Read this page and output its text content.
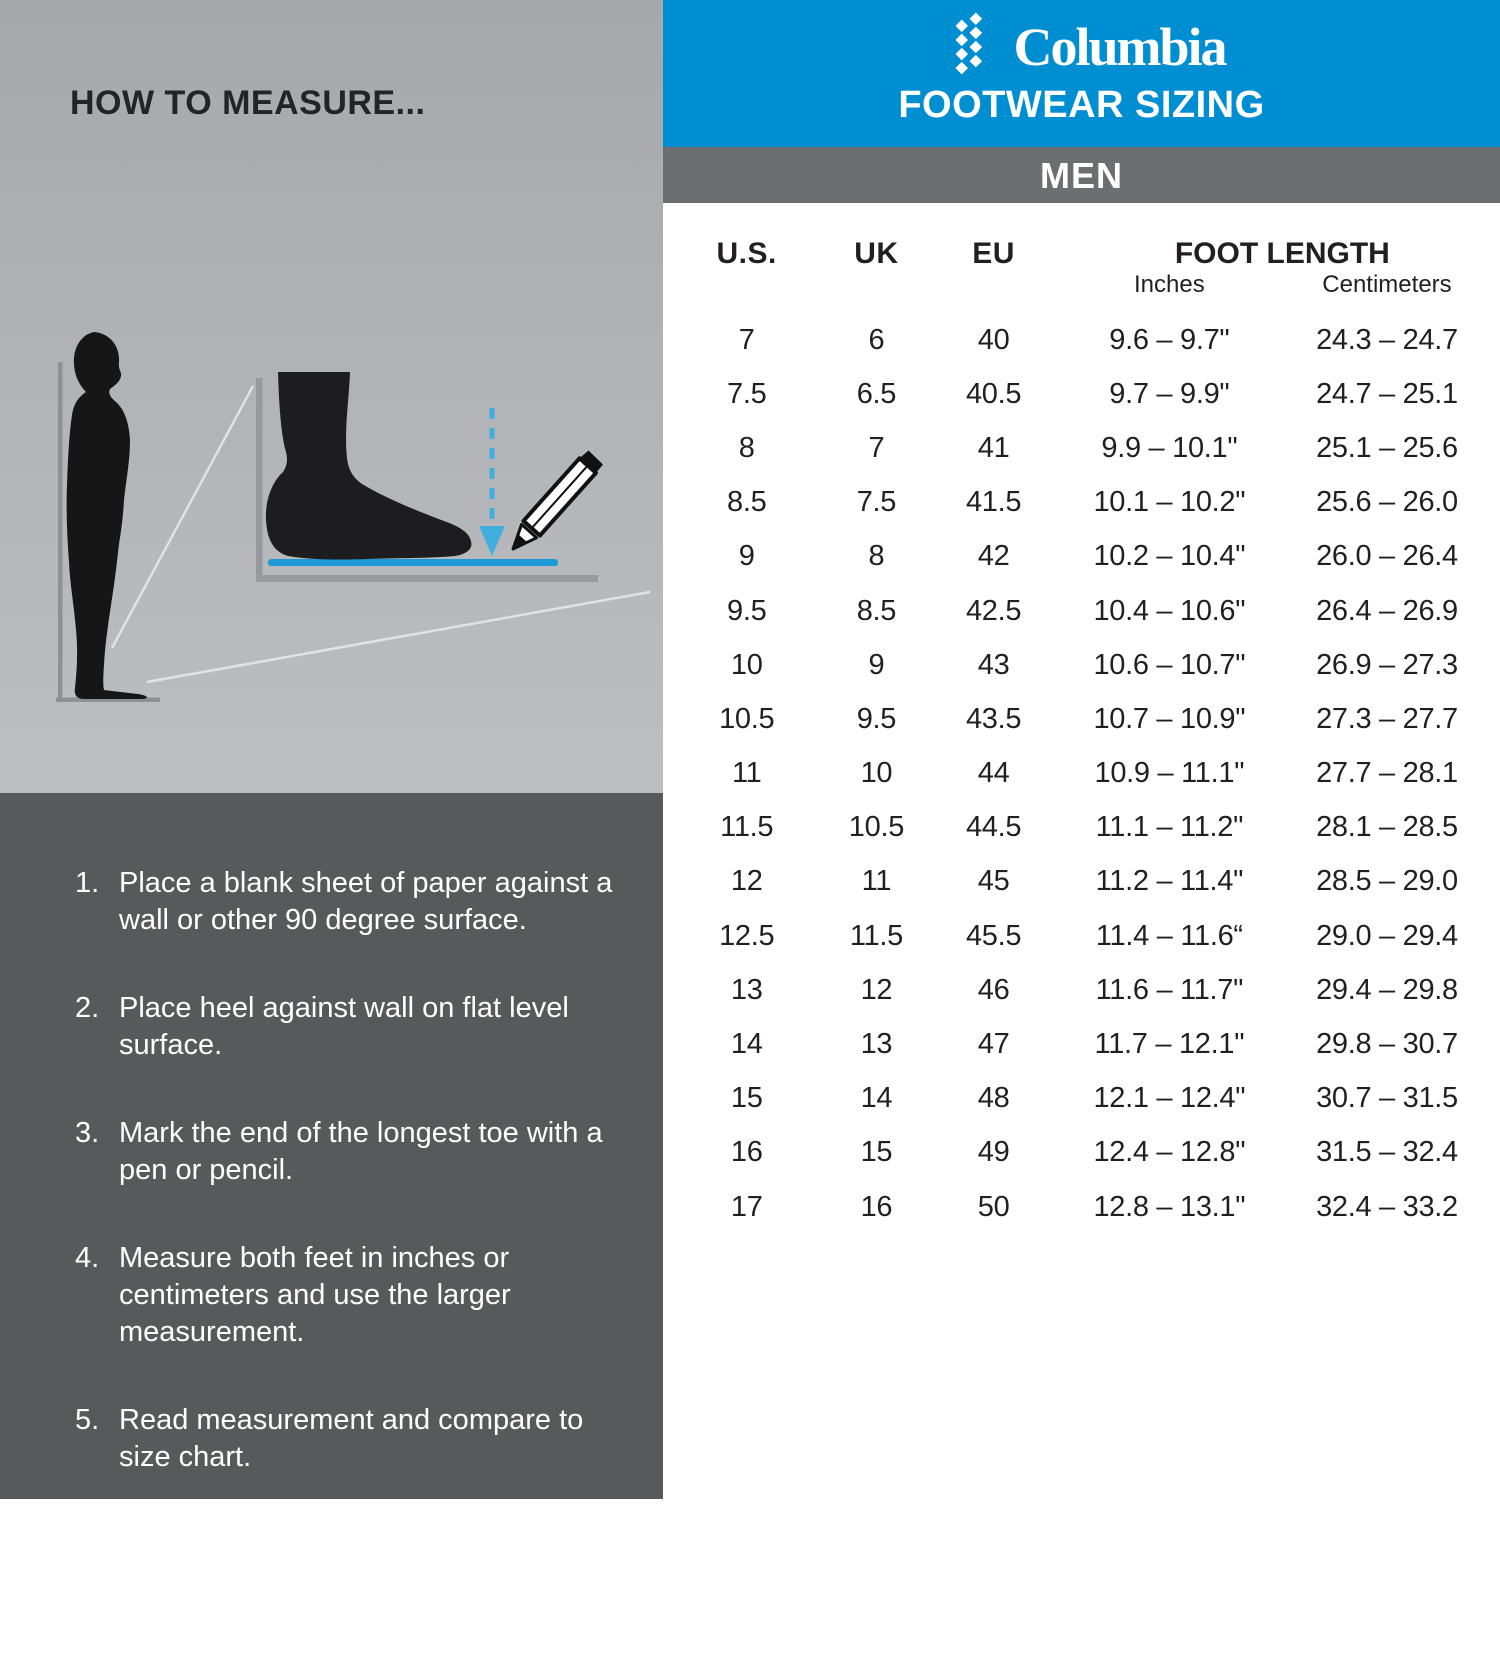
HOW TO MEASURE...
1. Place a blank sheet of paper against a wall or other 90 degree surface.
2. Place heel against wall on flat level surface.
3. Mark the end of the longest toe with a pen or pencil.
4. Measure both feet in inches or centimeters and use the larger measurement.
5. Read measurement and compare to size chart.
6. When comparing to the chart, use the closest larger measurement to determine your size per your country’s standard.
Columbia
FOOTWEAR SIZING
MEN
U.S.	UK	EU	FOOT LENGTH
Inches	Centimeters
7	6	40	9.6 – 9.7"	24.3 – 24.7
7.5	6.5	40.5	9.7 – 9.9"	24.7 – 25.1
8	7	41	9.9 – 10.1"	25.1 – 25.6
8.5	7.5	41.5	10.1 – 10.2"	25.6 – 26.0
9	8	42	10.2 – 10.4"	26.0 – 26.4
9.5	8.5	42.5	10.4 – 10.6"	26.4 – 26.9
10	9	43	10.6 – 10.7"	26.9 – 27.3
10.5	9.5	43.5	10.7 – 10.9"	27.3 – 27.7
11	10	44	10.9 – 11.1"	27.7 – 28.1
11.5	10.5	44.5	11.1 – 11.2"	28.1 – 28.5
12	11	45	11.2 – 11.4"	28.5 – 29.0
12.5	11.5	45.5	11.4 – 11.6“	29.0 – 29.4
13	12	46	11.6 – 11.7"	29.4 – 29.8
14	13	47	11.7 – 12.1"	29.8 – 30.7
15	14	48	12.1 – 12.4"	30.7 – 31.5
16	15	49	12.4 – 12.8"	31.5 – 32.4
17	16	50	12.8 – 13.1"	32.4 – 33.2
